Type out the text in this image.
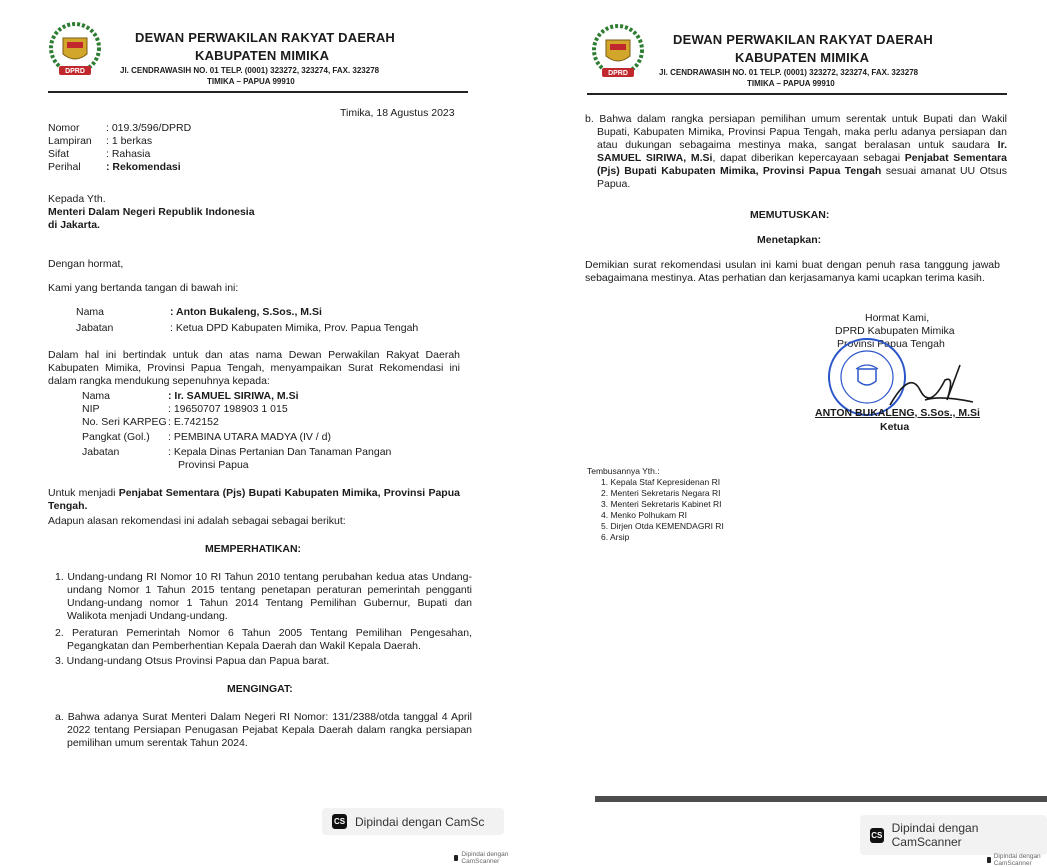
DPRD
DEWAN PERWAKILAN RAKYAT DAERAH
KABUPATEN MIMIKA
Jl. CENDRAWASIH NO. 01 TELP. (0001) 323272, 323274, FAX. 323278
TIMIKA – PAPUA 99910
Timika, 18 Agustus 2023
Nomor	: 019.3/596/DPRD
Lampiran	: 1 berkas
Sifat	: Rahasia
Perihal	: Rekomendasi
Kepada Yth.
Menteri Dalam Negeri Republik Indonesia
di Jakarta.
Dengan hormat,
Kami yang bertanda tangan di bawah ini:
Nama	: Anton Bukaleng, S.Sos., M.Si
Jabatan	: Ketua DPD Kabupaten Mimika, Prov. Papua Tengah

Dalam hal ini bertindak untuk dan atas nama Dewan Perwakilan Rakyat Daerah Kabupaten Mimika, Provinsi Papua Tengah, menyampaikan Surat Rekomendasi ini dalam rangka mendukung sepenuhnya kepada:

Nama	: Ir. SAMUEL SIRIWA, M.Si
NIP	: 19650707 198903 1 015
No. Seri KARPEG : E.742152
Pangkat (Gol.)	: PEMBINA UTARA MADYA (IV / d)
Jabatan	: Kepala Dinas Pertanian Dan Tanaman Pangan
Provinsi Papua

Untuk menjadi Penjabat Sementara (Pjs) Bupati Kabupaten Mimika, Provinsi Papua Tengah.

Adapun alasan rekomendasi ini adalah sebagai sebagai berikut:
MEMPERHATIKAN:

1. Undang-undang RI Nomor 10 RI Tahun 2010 tentang perubahan kedua atas Undang-undang Nomor 1 Tahun 2015 tentang penetapan peraturan pemerintah pengganti Undang-undang nomor 1 Tahun 2014 Tentang Pemilihan Gubernur, Bupati dan Walikota menjadi Undang-undang.

2. Peraturan Pemerintah Nomor 6 Tahun 2005 Tentang Pemilihan Pengesahan, Pegangkatan dan Pemberhentian Kepala Daerah dan Wakil Kepala Daerah.

3. Undang-undang Otsus Provinsi Papua dan Papua barat.

MENGINGAT:

a. Bahwa adanya Surat Menteri Dalam Negeri RI Nomor: 131/2388/otda tanggal 4 April 2022 tentang Persiapan Penugasan Pejabat Kepala Daerah dalam rangka persiapan pemilihan umum serentak Tahun 2024.

CS Dipindai dengan CamSc
Dipindai dengan CamScanner
DPRD
DEWAN PERWAKILAN RAKYAT DAERAH
KABUPATEN MIMIKA
Jl. CENDRAWASIH NO. 01 TELP. (0001) 323272, 323274, FAX. 323278
TIMIKA – PAPUA 99910

b. Bahwa dalam rangka persiapan pemilihan umum serentak untuk Bupati dan Wakil Bupati, Kabupaten Mimika, Provinsi Papua Tengah, maka perlu adanya persiapan dan atau dukungan sebagaima mestinya maka, sangat beralasan untuk saudara Ir. SAMUEL SIRIWA, M.Si, dapat diberikan kepercayaan sebagai Penjabat Sementara (Pjs) Bupati Kabupaten Mimika, Provinsi Papua Tengah sesuai amanat UU Otsus Papua.

MEMUTUSKAN:
Menetapkan:

Demikian surat rekomendasi usulan ini kami buat dengan penuh rasa tanggung jawab sebagaimana mestinya. Atas perhatian dan kerjasamanya kami ucapkan terima kasih.

Hormat Kami,
DPRD Kabupaten Mimika
Provinsi Papua Tengah
ANTON BUKALENG, S.Sos., M.Si
Ketua
Tembusannya Yth.:
1. Kepala Staf Kepresidenan RI
2. Menteri Sekretaris Negara RI
3. Menteri Sekretaris Kabinet RI
4. Menko Polhukam RI
5. Dirjen Otda KEMENDAGRI RI
6. Arsip
CS Dipindai dengan CamScanner
Dipindai dengan CamScanner
